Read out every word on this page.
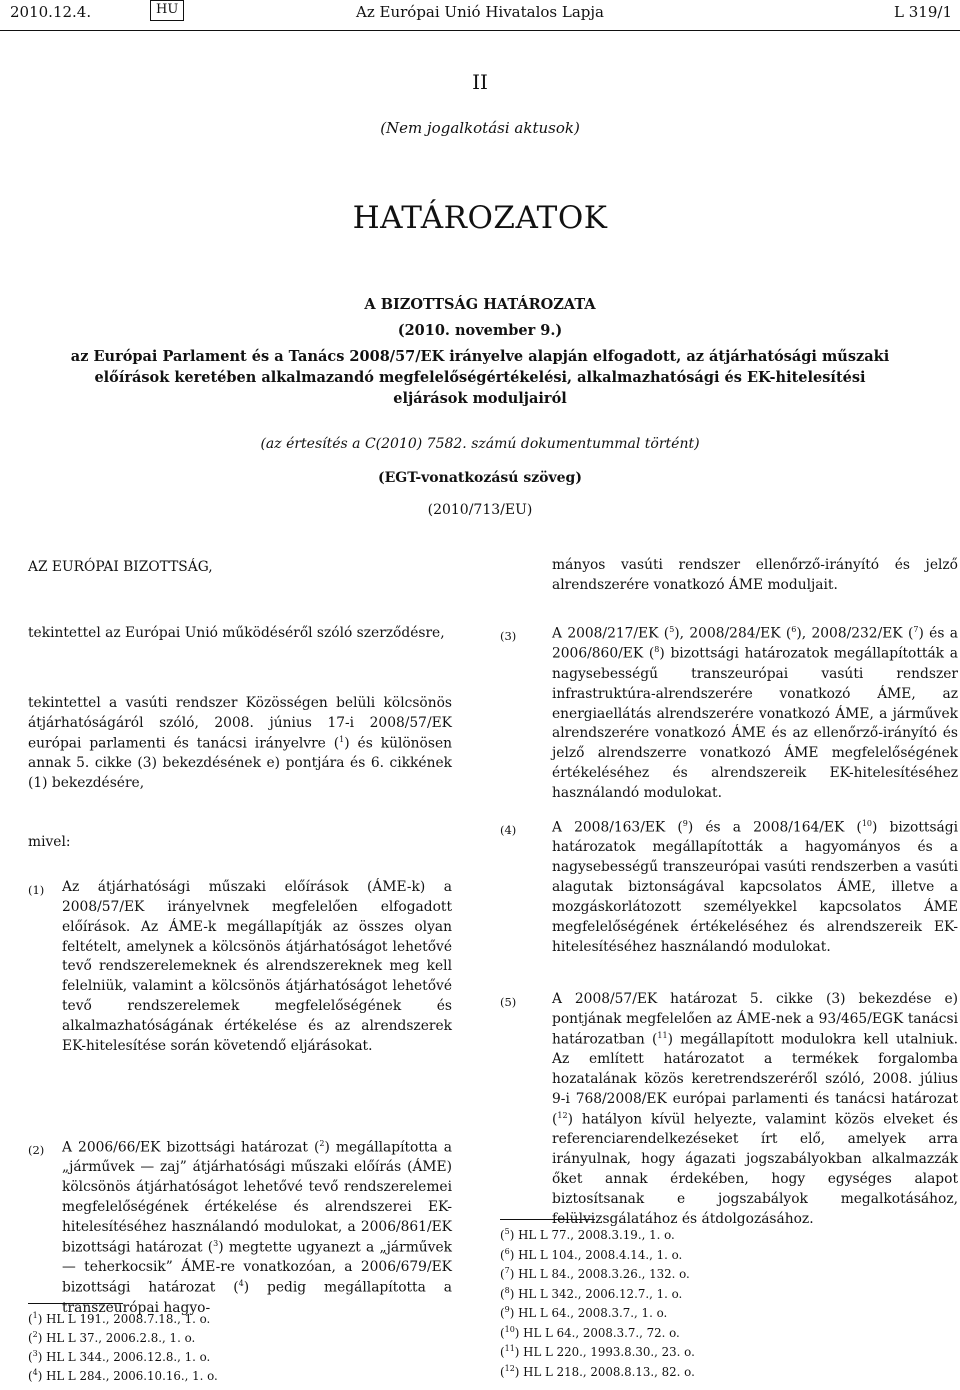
2010.12.4.	HU	Az Európai Unió Hivatalos Lapja	L 319/1
II
(Nem jogalkotási aktusok)
HATÁROZATOK
A BIZOTTSÁG HATÁROZATA
(2010. november 9.)
az Európai Parlament és a Tanács 2008/57/EK irányelve alapján elfogadott, az átjárhatósági műszaki előírások keretében alkalmazandó megfelelőségértékelési, alkalmazhatósági és EK-hitelesítési eljárások moduljairól
(az értesítés a C(2010) 7582. számú dokumentummal történt)
(EGT-vonatkozású szöveg)
(2010/713/EU)
AZ EURÓPAI BIZOTTSÁG,
tekintettel az Európai Unió működéséről szóló szerződésre,
tekintettel a vasúti rendszer Közösségen belüli kölcsönös átjárhatóságáról szóló, 2008. június 17-i 2008/57/EK európai parlamenti és tanácsi irányelvre ($^1$) és különösen annak 5. cikke (3) bekezdésének e) pontjára és 6. cikkének (1) bekezdésére,
mivel:
(1) Az átjárhatósági műszaki előírások (ÁME-k) a 2008/57/EK irányelvnek megfelelően elfogadott előírások. Az ÁME-k megállapítják az összes olyan feltételt, amelynek a kölcsönös átjárhatóságot lehetővé tevő rendszerelemeknek és alrendszereknek meg kell felelniük, valamint a kölcsönös átjárhatóságot lehetővé tevő rendszerelemek megfelelőségének és alkalmazhatóságának értékelése és az alrendszerek EK-hitelesítése során követendő eljárásokat.
(2) A 2006/66/EK bizottsági határozat ($^2$) megállapította a „járművek — zaj” átjárhatósági műszaki előírás (ÁME) kölcsönös átjárhatóságot lehetővé tevő rendszerelemei megfelelőségének értékelése és alrendszerei EK-hitelesítéséhez használandó modulokat, a 2006/861/EK bizottsági határozat ($^3$) megtette ugyanezt a „járművek — teherkocsik” ÁME-re vonatkozóan, a 2006/679/EK bizottsági határozat ($^4$) pedig megállapította a transzeurópai hagyo-
($^1$) HL L 191., 2008.7.18., 1. o.
($^2$) HL L 37., 2006.2.8., 1. o.
($^3$) HL L 344., 2006.12.8., 1. o.
($^4$) HL L 284., 2006.10.16., 1. o.
mányos vasúti rendszer ellenőrző-irányító és jelző alrendszerére vonatkozó ÁME moduljait.
(3)	A 2008/217/EK ($^5$), 2008/284/EK ($^6$), 2008/232/EK ($^7$) és a 2006/860/EK ($^8$) bizottsági határozatok megállapították a nagysebességű transzeurópai vasúti rendszer infrastruktúra-alrendszerére vonatkozó ÁME, az energiaellátás alrendszerére vonatkozó ÁME, a járművek alrendszerére vonatkozó ÁME és az ellenőrző-irányító és jelző alrendszerre vonatkozó ÁME megfelelőségének értékeléséhez és alrendszereik EK-hitelesítéséhez használandó modulokat.
(4)	A 2008/163/EK ($^9$) és a 2008/164/EK ($^{10}$) bizottsági határozatok megállapították a hagyományos és a nagysebességű transzeurópai vasúti rendszerben a vasúti alagutak biztonságával kapcsolatos ÁME, illetve a mozgáskorlátozott személyekkel kapcsolatos ÁME megfelelőségének értékeléséhez és alrendszereik EK-hitelesítéséhez használandó modulokat.
(5)	A 2008/57/EK határozat 5. cikke (3) bekezdése e) pontjának megfelelően az ÁME-nek a 93/465/EGK tanácsi határozatban ($^{11}$) megállapított modulokra kell utalniuk. Az említett határozatot a termékek forgalomba hozatalának közös keretrendszeréről szóló, 2008. július 9-i 768/2008/EK európai parlamenti és tanácsi határozat ($^{12}$) hatályon kívül helyezte, valamint közös elveket és referenciarendelkezéseket írt elő, amelyek arra irányulnak, hogy ágazati jogszabályokban alkalmazzák őket annak érdekében, hogy egységes alapot biztosítsanak e jogszabályok megalkotásához, felülvizsgálatához és átdolgozásához.
($^5$) HL L 77., 2008.3.19., 1. o.
($^6$) HL L 104., 2008.4.14., 1. o.
($^7$) HL L 84., 2008.3.26., 132. o.
($^8$) HL L 342., 2006.12.7., 1. o.
($^9$) HL L 64., 2008.3.7., 1. o.
($^{10}$) HL L 64., 2008.3.7., 72. o.
($^{11}$) HL L 220., 1993.8.30., 23. o.
($^{12}$) HL L 218., 2008.8.13., 82. o.
